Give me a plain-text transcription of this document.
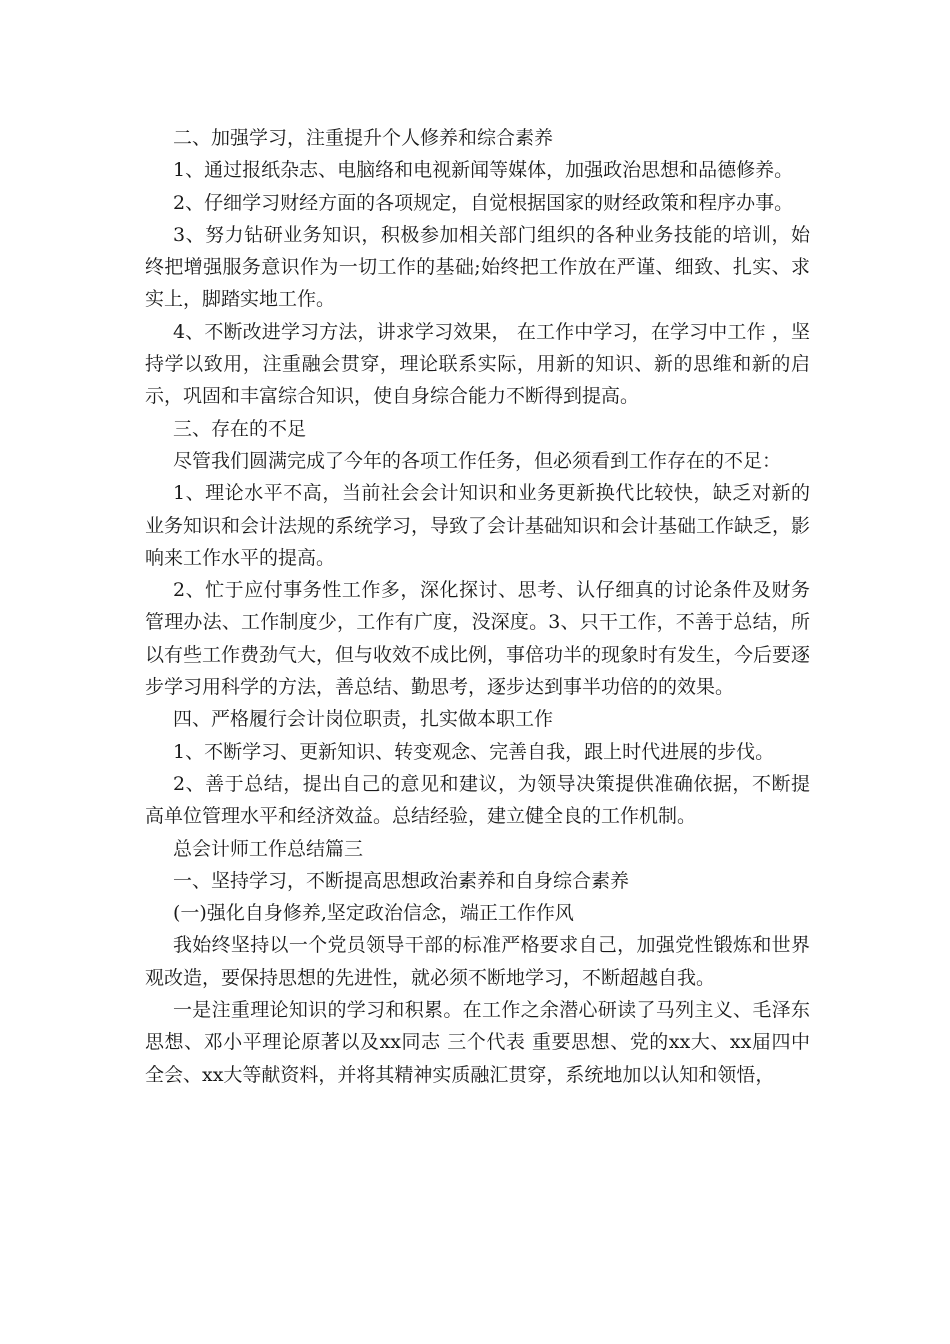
二、加强学习，注重提升个人修养和综合素养

1、通过报纸杂志、电脑络和电视新闻等媒体，加强政治思想和品德修养。

2、仔细学习财经方面的各项规定，自觉根据国家的财经政策和程序办事。

3、努力钻研业务知识，积极参加相关部门组织的各种业务技能的培训，始终把增强服务意识作为一切工作的基础;始终把工作放在严谨、细致、扎实、求实上，脚踏实地工作。

4、不断改进学习方法，讲求学习效果， 在工作中学习，在学习中工作 ，坚持学以致用，注重融会贯穿，理论联系实际，用新的知识、新的思维和新的启示，巩固和丰富综合知识，使自身综合能力不断得到提高。

三、存在的不足

尽管我们圆满完成了今年的各项工作任务，但必须看到工作存在的不足：

1、理论水平不高，当前社会会计知识和业务更新换代比较快，缺乏对新的业务知识和会计法规的系统学习，导致了会计基础知识和会计基础工作缺乏，影响来工作水平的提高。

2、忙于应付事务性工作多，深化探讨、思考、认仔细真的讨论条件及财务管理办法、工作制度少，工作有广度，没深度。3、只干工作，不善于总结，所以有些工作费劲气大，但与收效不成比例，事倍功半的现象时有发生，今后要逐步学习用科学的方法，善总结、勤思考，逐步达到事半功倍的的效果。

四、严格履行会计岗位职责，扎实做本职工作

1、不断学习、更新知识、转变观念、完善自我，跟上时代进展的步伐。

2、善于总结，提出自己的意见和建议，为领导决策提供准确依据，不断提高单位管理水平和经济效益。总结经验，建立健全良的工作机制。

总会计师工作总结篇三

一、坚持学习，不断提高思想政治素养和自身综合素养

(一)强化自身修养,坚定政治信念，端正工作作风

我始终坚持以一个党员领导干部的标准严格要求自己，加强党性锻炼和世界观改造，要保持思想的先进性，就必须不断地学习，不断超越自我。

一是注重理论知识的学习和积累。在工作之余潜心研读了马列主义、毛泽东思想、邓小平理论原著以及xx同志 三个代表 重要思想、党的xx大、xx届四中全会、xx大等献资料，并将其精神实质融汇贯穿，系统地加以认知和领悟，
